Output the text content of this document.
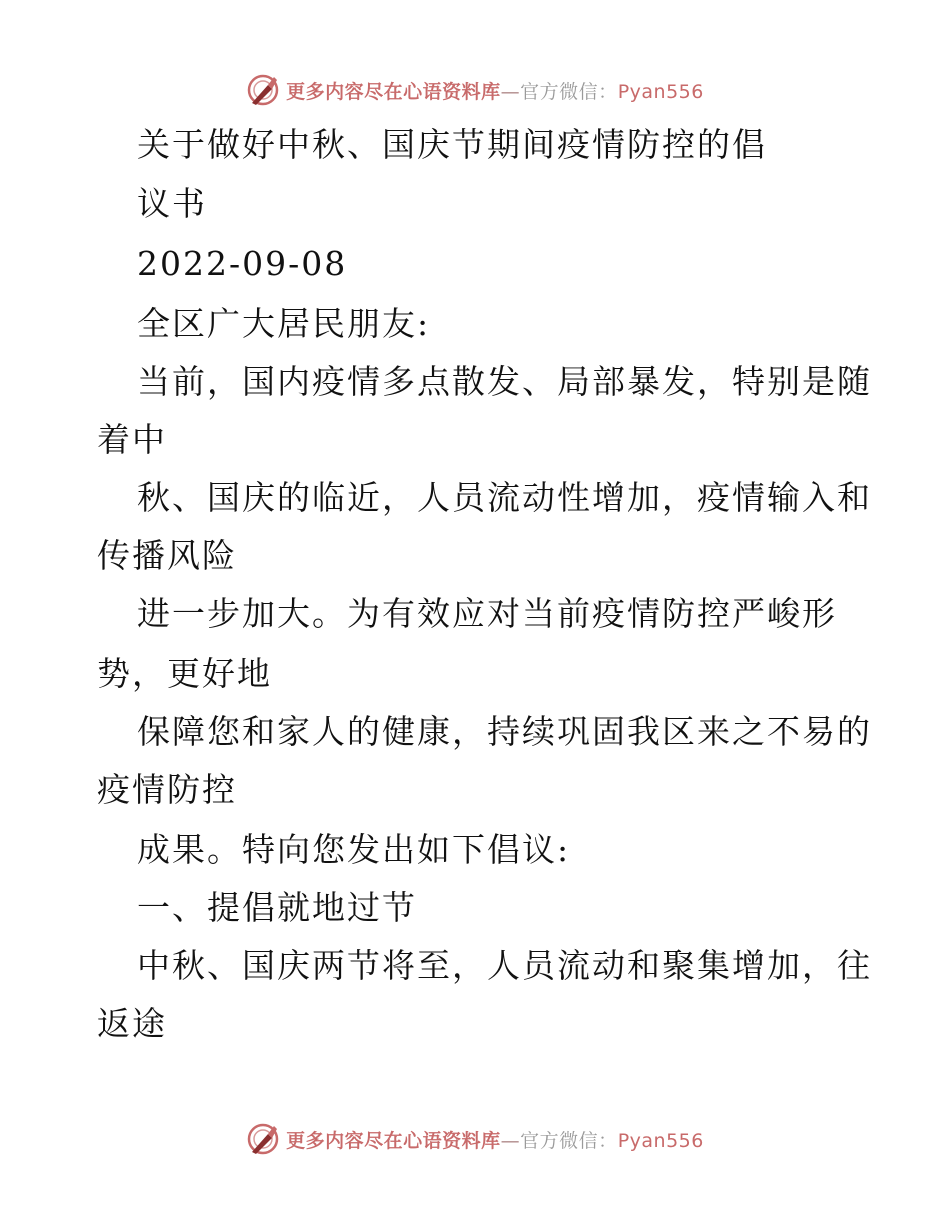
更多内容尽在心语资料库—官方微信：Pyan556
关于做好中秋、国庆节期间疫情防控的倡
议书
2022-09-08
全区广大居民朋友:
当前，国内疫情多点散发、局部暴发，特别是随
着中
秋、国庆的临近，人员流动性增加，疫情输入和
传播风险
进一步加大。为有效应对当前疫情防控严峻形
势，更好地
保障您和家人的健康，持续巩固我区来之不易的
疫情防控
成果。特向您发出如下倡议:
一、提倡就地过节
中秋、国庆两节将至，人员流动和聚集增加，往
返途
更多内容尽在心语资料库—官方微信：Pyan556
